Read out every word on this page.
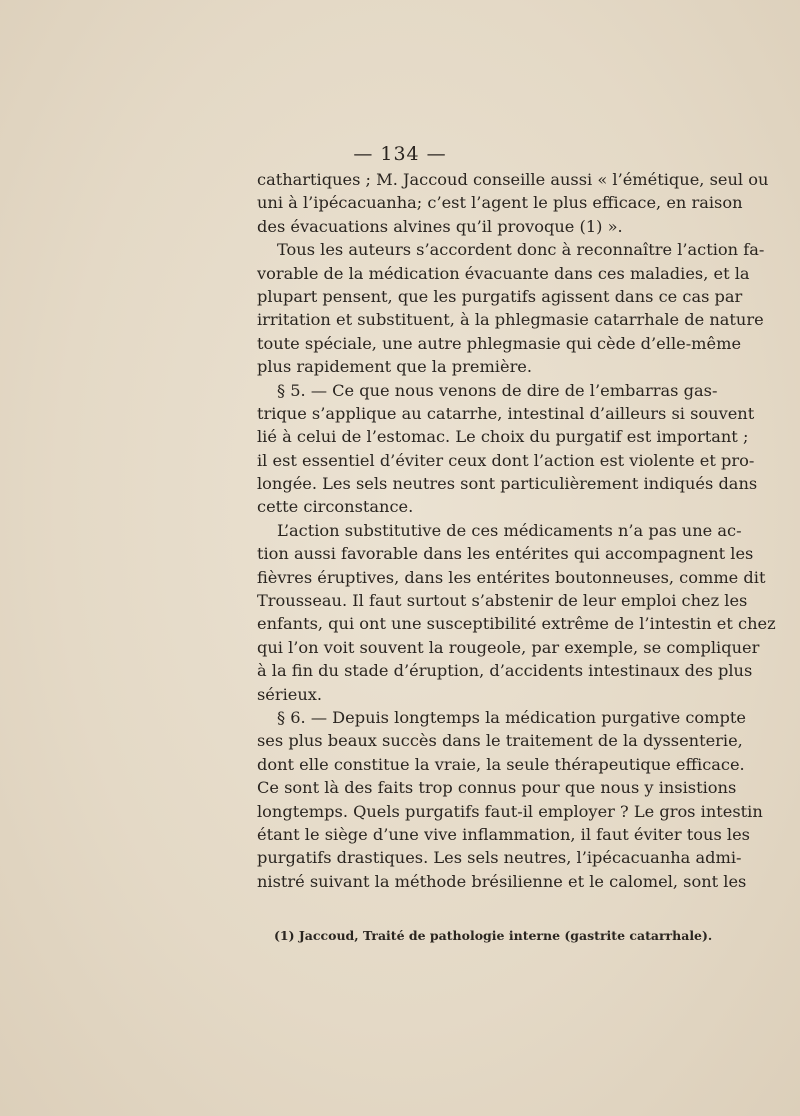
— 134 —
cathartiques ; M. Jaccoud conseille aussi « l’émétique, seul ou
uni à l’ipécacuanha; c’est l’agent le plus efficace, en raison
des évacuations alvines qu’il provoque (1) ».
Tous les auteurs s’accordent donc à reconnaître l’action fa-
vorable de la médication évacuante dans ces maladies, et la
plupart pensent, que les purgatifs agissent dans ce cas par
irritation et substituent, à la phlegmasie catarrhale de nature
toute spéciale, une autre phlegmasie qui cède d’elle-même
plus rapidement que la première.
§ 5. — Ce que nous venons de dire de l’embarras gas-
trique s’applique au catarrhe, intestinal d’ailleurs si souvent
lié à celui de l’estomac. Le choix du purgatif est important ;
il est essentiel d’éviter ceux dont l’action est violente et pro-
longée. Les sels neutres sont particulièrement indiqués dans
cette circonstance.
L’action substitutive de ces médicaments n’a pas une ac-
tion aussi favorable dans les entérites qui accompagnent les
fièvres éruptives, dans les entérites boutonneuses, comme dit
Trousseau. Il faut surtout s’abstenir de leur emploi chez les
enfants, qui ont une susceptibilité extrême de l’intestin et chez
qui l’on voit souvent la rougeole, par exemple, se compliquer
à la fin du stade d’éruption, d’accidents intestinaux des plus
sérieux.
§ 6. — Depuis longtemps la médication purgative compte
ses plus beaux succès dans le traitement de la dyssenterie,
dont elle constitue la vraie, la seule thérapeutique efficace.
Ce sont là des faits trop connus pour que nous y insistions
longtemps. Quels purgatifs faut-il employer ? Le gros intestin
étant le siège d’une vive inflammation, il faut éviter tous les
purgatifs drastiques. Les sels neutres, l’ipécacuanha admi-
nistré suivant la méthode brésilienne et le calomel, sont les
(1) Jaccoud, Traité de pathologie interne (gastrite catarrhale).
